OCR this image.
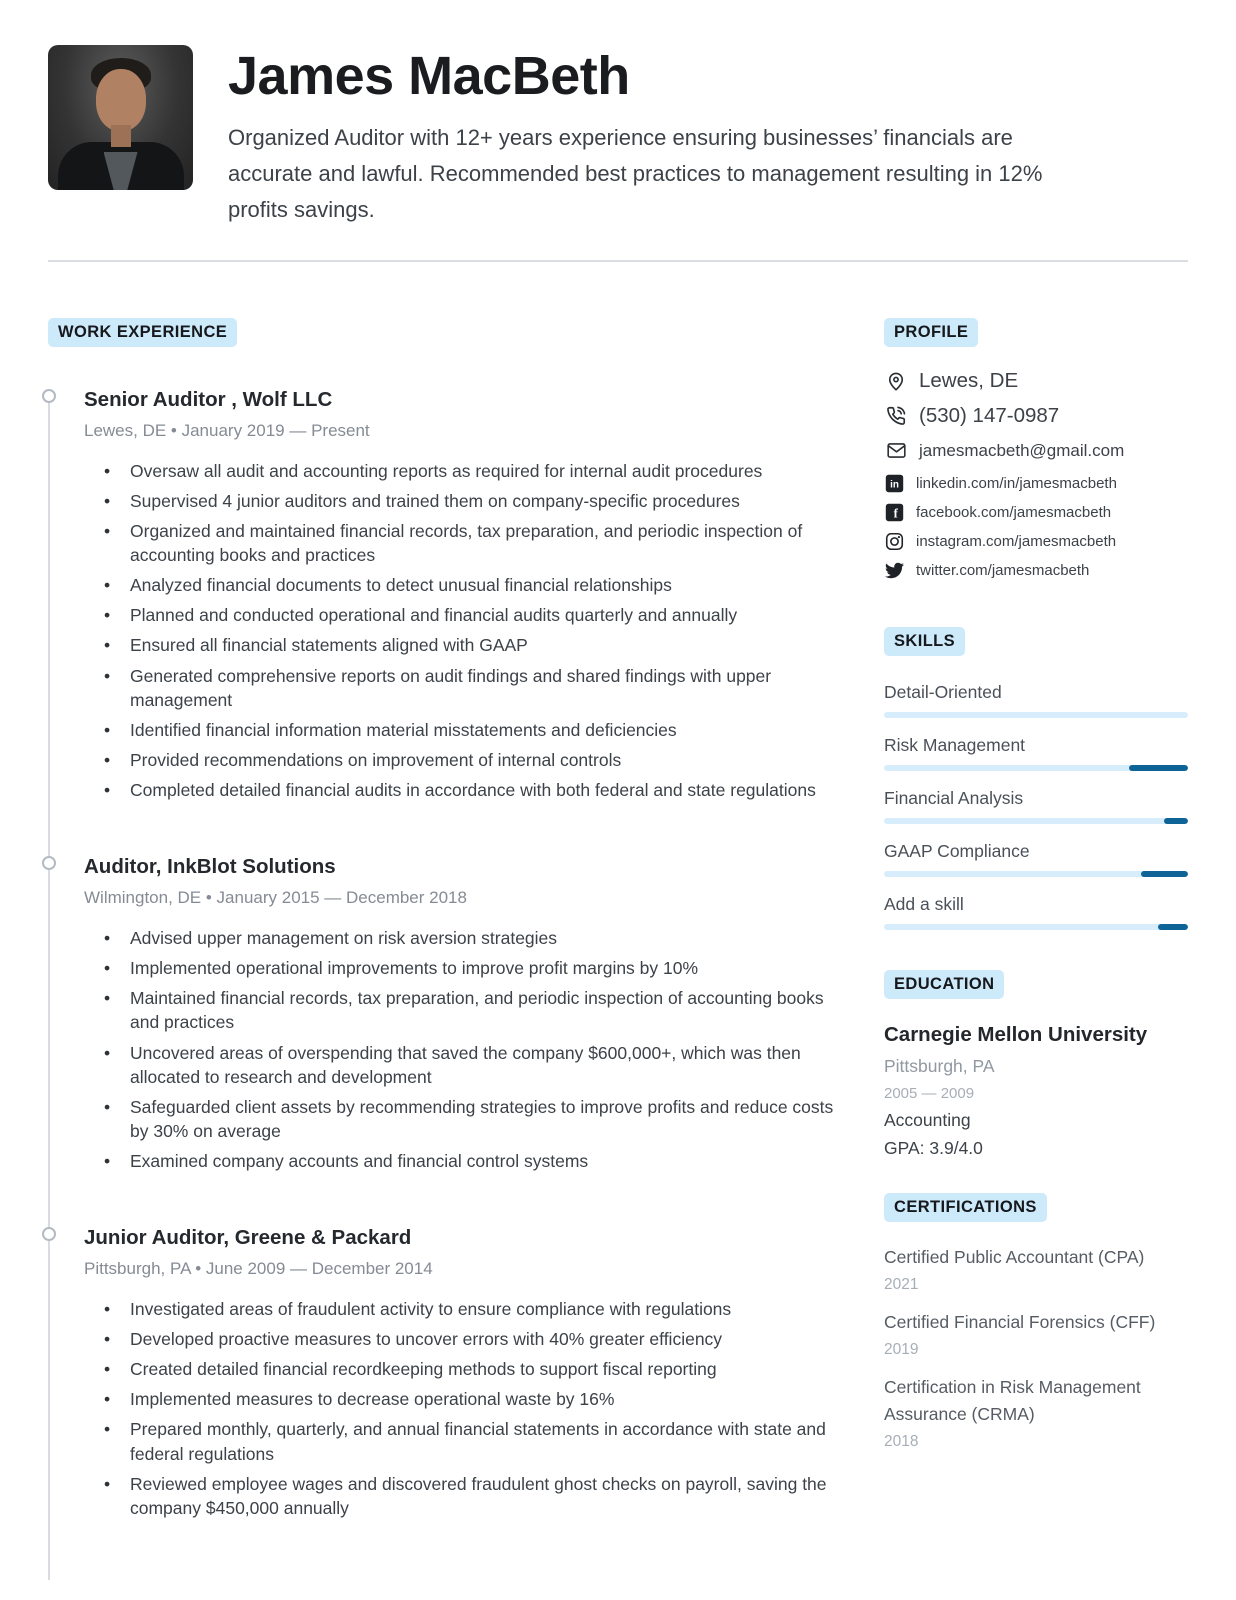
James MacBeth

Organized Auditor with 12+ years experience ensuring businesses’ financials are accurate and lawful. Recommended best practices to management resulting in 12% profits savings.

WORK EXPERIENCE
Senior Auditor , Wolf LLC
Lewes, DE • January 2019 — Present
• Oversaw all audit and accounting reports as required for internal audit procedures
• Supervised 4 junior auditors and trained them on company-specific procedures
• Organized and maintained financial records, tax preparation, and periodic inspection of accounting books and practices
• Analyzed financial documents to detect unusual financial relationships
• Planned and conducted operational and financial audits quarterly and annually
• Ensured all financial statements aligned with GAAP
• Generated comprehensive reports on audit findings and shared findings with upper management
• Identified financial information material misstatements and deficiencies
• Provided recommendations on improvement of internal controls
• Completed detailed financial audits in accordance with both federal and state regulations
Auditor, InkBlot Solutions
Wilmington, DE • January 2015 — December 2018
• Advised upper management on risk aversion strategies
• Implemented operational improvements to improve profit margins by 10%
• Maintained financial records, tax preparation, and periodic inspection of accounting books and practices
• Uncovered areas of overspending that saved the company $600,000+, which was then allocated to research and development
• Safeguarded client assets by recommending strategies to improve profits and reduce costs by 30% on average
• Examined company accounts and financial control systems
Junior Auditor, Greene & Packard
Pittsburgh, PA • June 2009 — December 2014
• Investigated areas of fraudulent activity to ensure compliance with regulations
• Developed proactive measures to uncover errors with 40% greater efficiency
• Created detailed financial recordkeeping methods to support fiscal reporting
• Implemented measures to decrease operational waste by 16%
• Prepared monthly, quarterly, and annual financial statements in accordance with state and federal regulations
• Reviewed employee wages and discovered fraudulent ghost checks on payroll, saving the company $450,000 annually
PROFILE
Lewes, DE
(530) 147-0987
jamesmacbeth@gmail.com
in linkedin.com/in/jamesmacbeth
f facebook.com/jamesmacbeth
instagram.com/jamesmacbeth
twitter.com/jamesmacbeth
SKILLS
Detail-Oriented
Risk Management
Financial Analysis
GAAP Compliance
Add a skill
EDUCATION
Carnegie Mellon University
Pittsburgh, PA
2005 — 2009
Accounting
GPA: 3.9/4.0
CERTIFICATIONS
Certified Public Accountant (CPA)
2021
Certified Financial Forensics (CFF)
2019
Certification in Risk Management Assurance (CRMA)
2018
